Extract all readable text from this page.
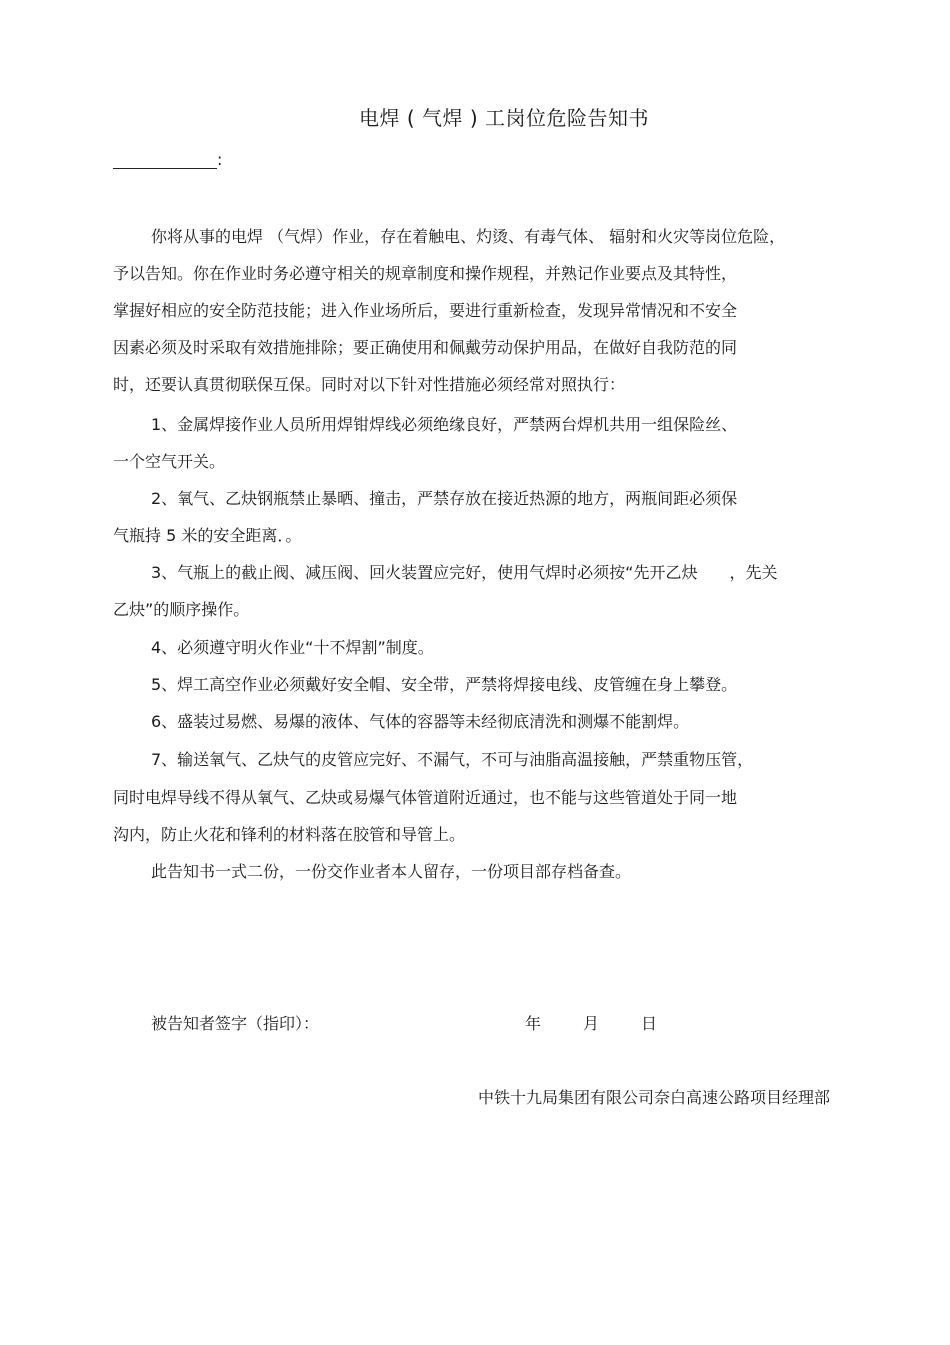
电焊 ( 气焊 ) 工岗位危险告知书
:
你将从事的电焊 （气焊）作业，存在着触电、灼烫、有毒气体、 辐射和火灾等岗位危险，
予以告知。你在作业时务必遵守相关的规章制度和操作规程，并熟记作业要点及其特性，
掌握好相应的安全防范技能；进入作业场所后，要进行重新检查，发现异常情况和不安全
因素必须及时采取有效措施排除；要正确使用和佩戴劳动保护用品，在做好自我防范的同
时，还要认真贯彻联保互保。同时对以下针对性措施必须经常对照执行：
1、金属焊接作业人员所用焊钳焊线必须绝缘良好，严禁两台焊机共用一组保险丝、
一个空气开关。
2、氧气、乙炔钢瓶禁止暴晒、撞击，严禁存放在接近热源的地方，两瓶间距必须保
气瓶持 5 米的安全距离．。
3、气瓶上的截止阀、减压阀、回火装置应完好，使用气焊时必须按“先开乙炔　　，先关
乙炔”的顺序操作。
4、必须遵守明火作业“十不焊割”制度。
5、焊工高空作业必须戴好安全帽、安全带，严禁将焊接电线、皮管缠在身上攀登。
6、盛装过易燃、易爆的液体、气体的容器等未经彻底清洗和测爆不能割焊。
7、输送氧气、乙炔气的皮管应完好、不漏气，不可与油脂高温接触，严禁重物压管，
同时电焊导线不得从氧气、乙炔或易爆气体管道附近通过，也不能与这些管道处于同一地
沟内，防止火花和锋利的材料落在胶管和导管上。
此告知书一式二份，一份交作业者本人留存，一份项目部存档备查。
被告知者签字（指印）：	年	月	日
中铁十九局集团有限公司奈白高速公路项目经理部
